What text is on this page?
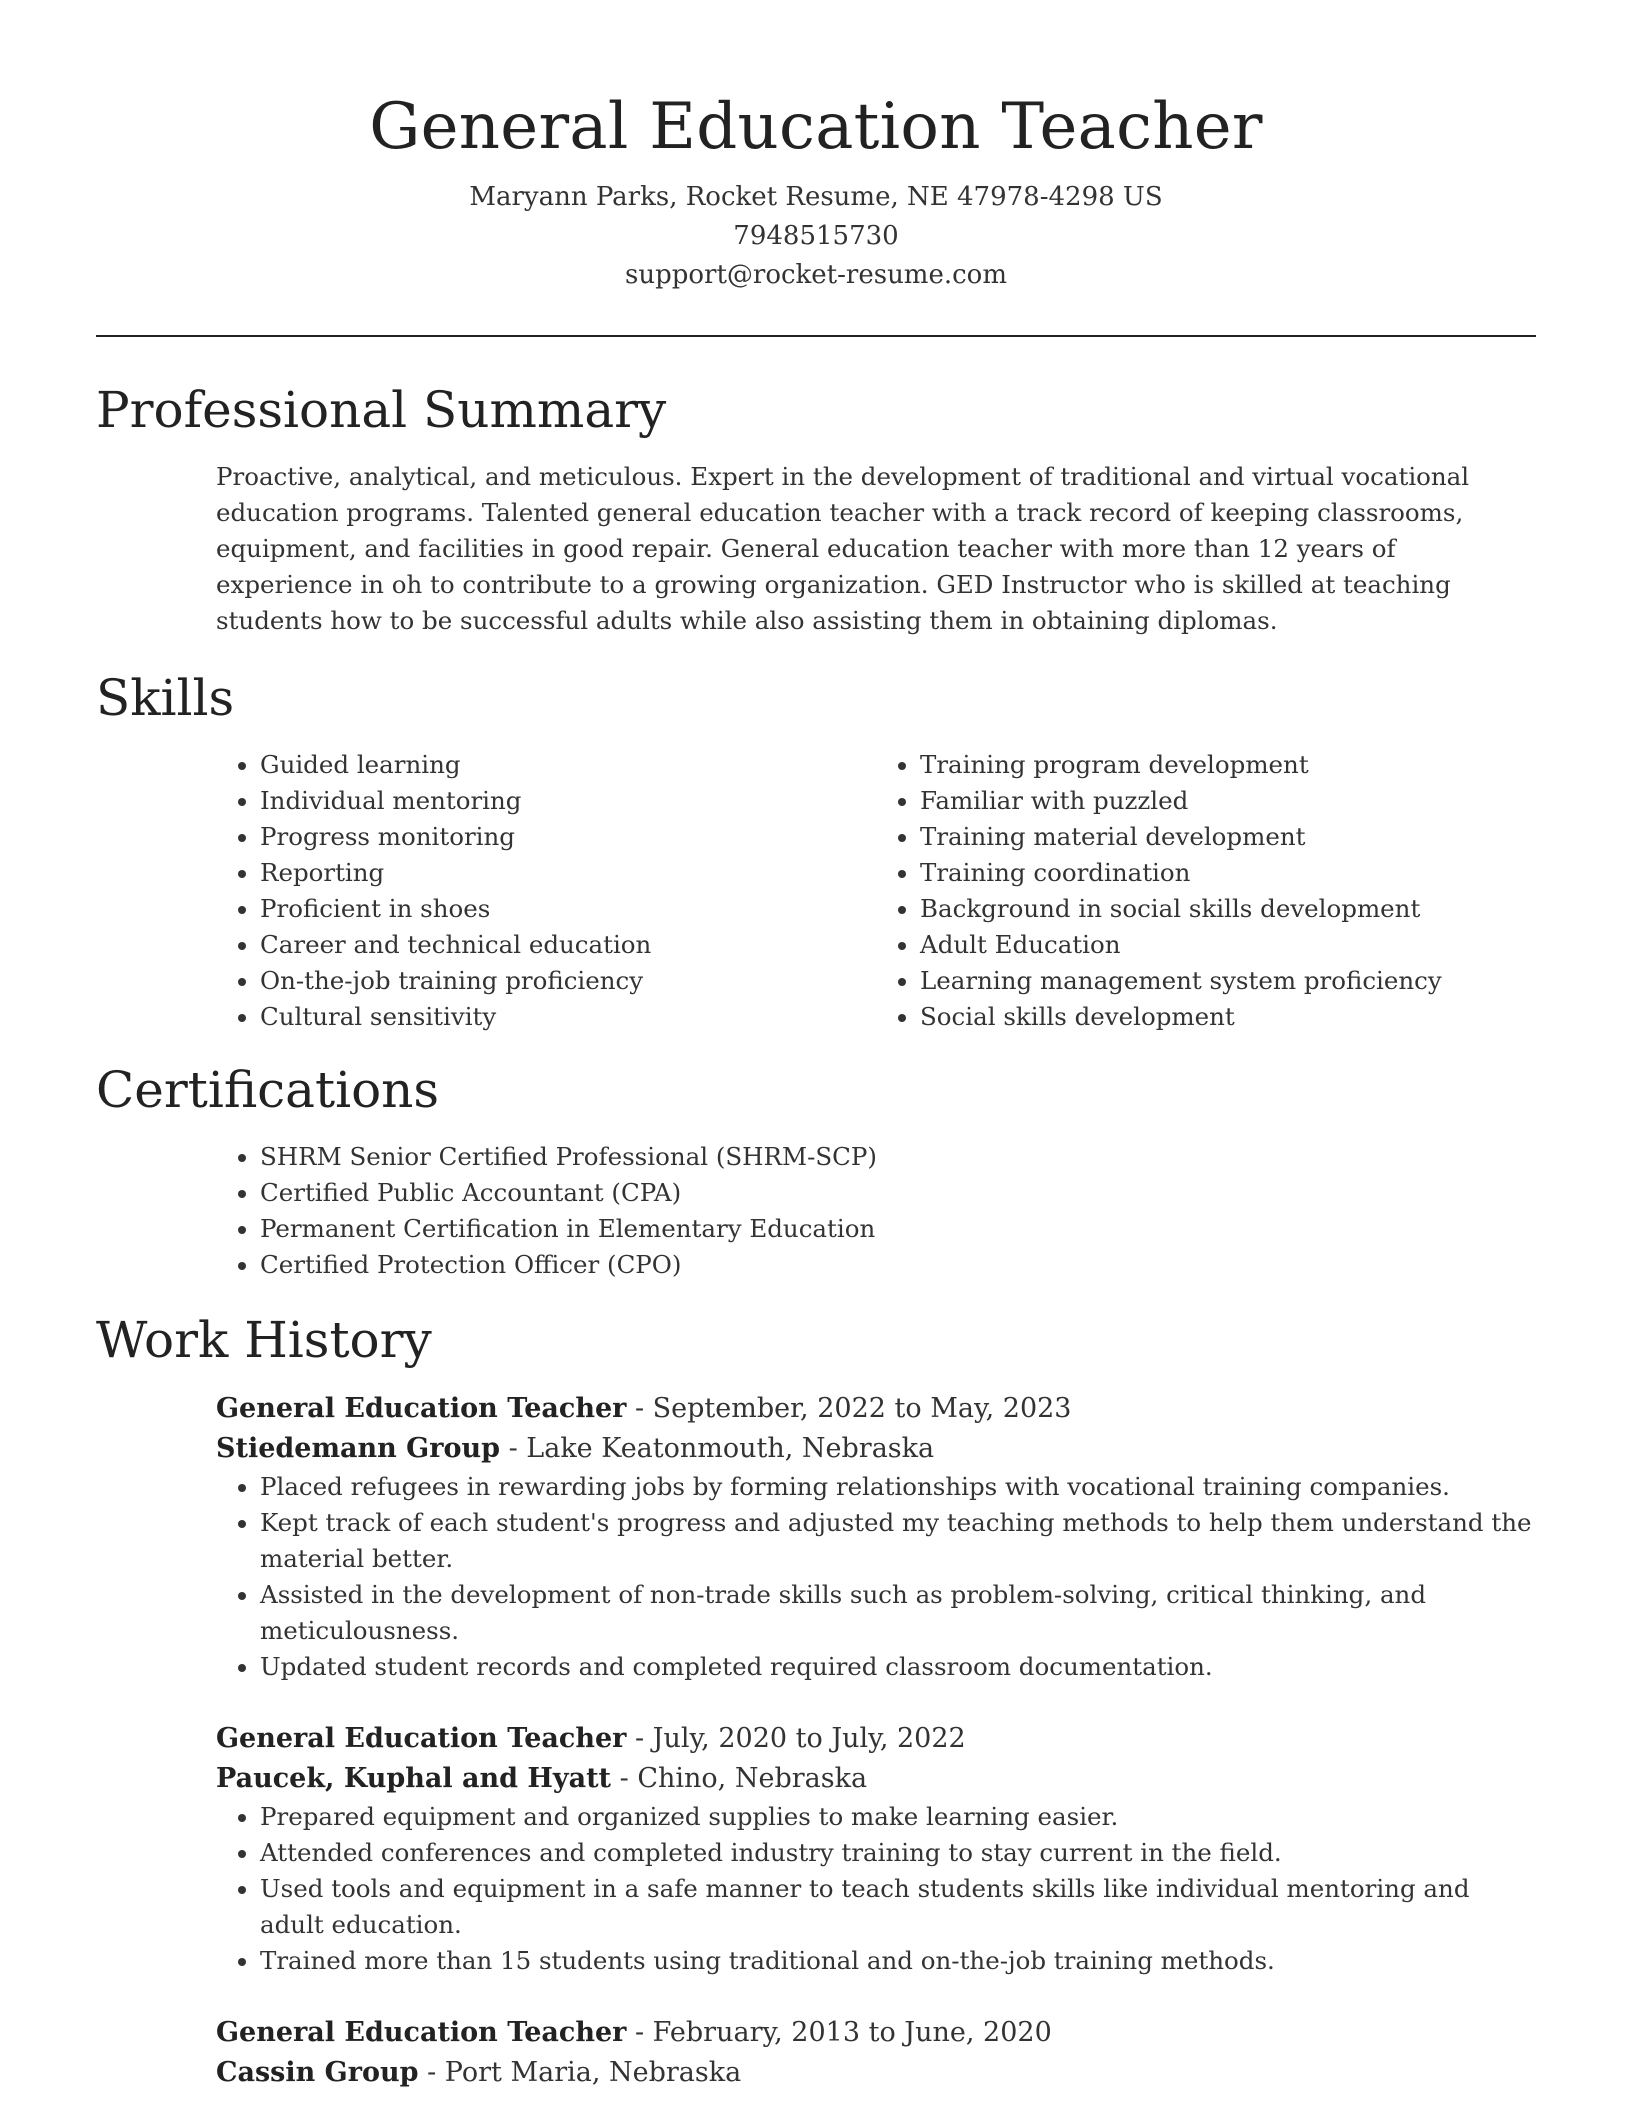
General Education Teacher
Maryann Parks, Rocket Resume, NE 47978-4298 US
7948515730
support@rocket-resume.com
Professional Summary

Proactive, analytical, and meticulous. Expert in the development of traditional and virtual vocational education programs. Talented general education teacher with a track record of keeping classrooms, equipment, and facilities in good repair. General education teacher with more than 12 years of experience in oh to contribute to a growing organization. GED Instructor who is skilled at teaching students how to be successful adults while also assisting them in obtaining diplomas.

Skills
• Guided learning
• Individual mentoring
• Progress monitoring
• Reporting
• Proficient in shoes
• Career and technical education
• On-the-job training proficiency
• Cultural sensitivity
• Training program development
• Familiar with puzzled
• Training material development
• Training coordination
• Background in social skills development
• Adult Education
• Learning management system proficiency
• Social skills development
Certifications
• SHRM Senior Certified Professional (SHRM-SCP)
• Certified Public Accountant (CPA)
• Permanent Certification in Elementary Education
• Certified Protection Officer (CPO)
Work History
General Education Teacher - September, 2022 to May, 2023
Stiedemann Group - Lake Keatonmouth, Nebraska
• Placed refugees in rewarding jobs by forming relationships with vocational training companies.
• Kept track of each student's progress and adjusted my teaching methods to help them understand the material better.
• Assisted in the development of non-trade skills such as problem-solving, critical thinking, and meticulousness.
• Updated student records and completed required classroom documentation.
General Education Teacher - July, 2020 to July, 2022
Paucek, Kuphal and Hyatt - Chino, Nebraska
• Prepared equipment and organized supplies to make learning easier.
• Attended conferences and completed industry training to stay current in the field.
• Used tools and equipment in a safe manner to teach students skills like individual mentoring and adult education.
• Trained more than 15 students using traditional and on-the-job training methods.
General Education Teacher - February, 2013 to June, 2020
Cassin Group - Port Maria, Nebraska
